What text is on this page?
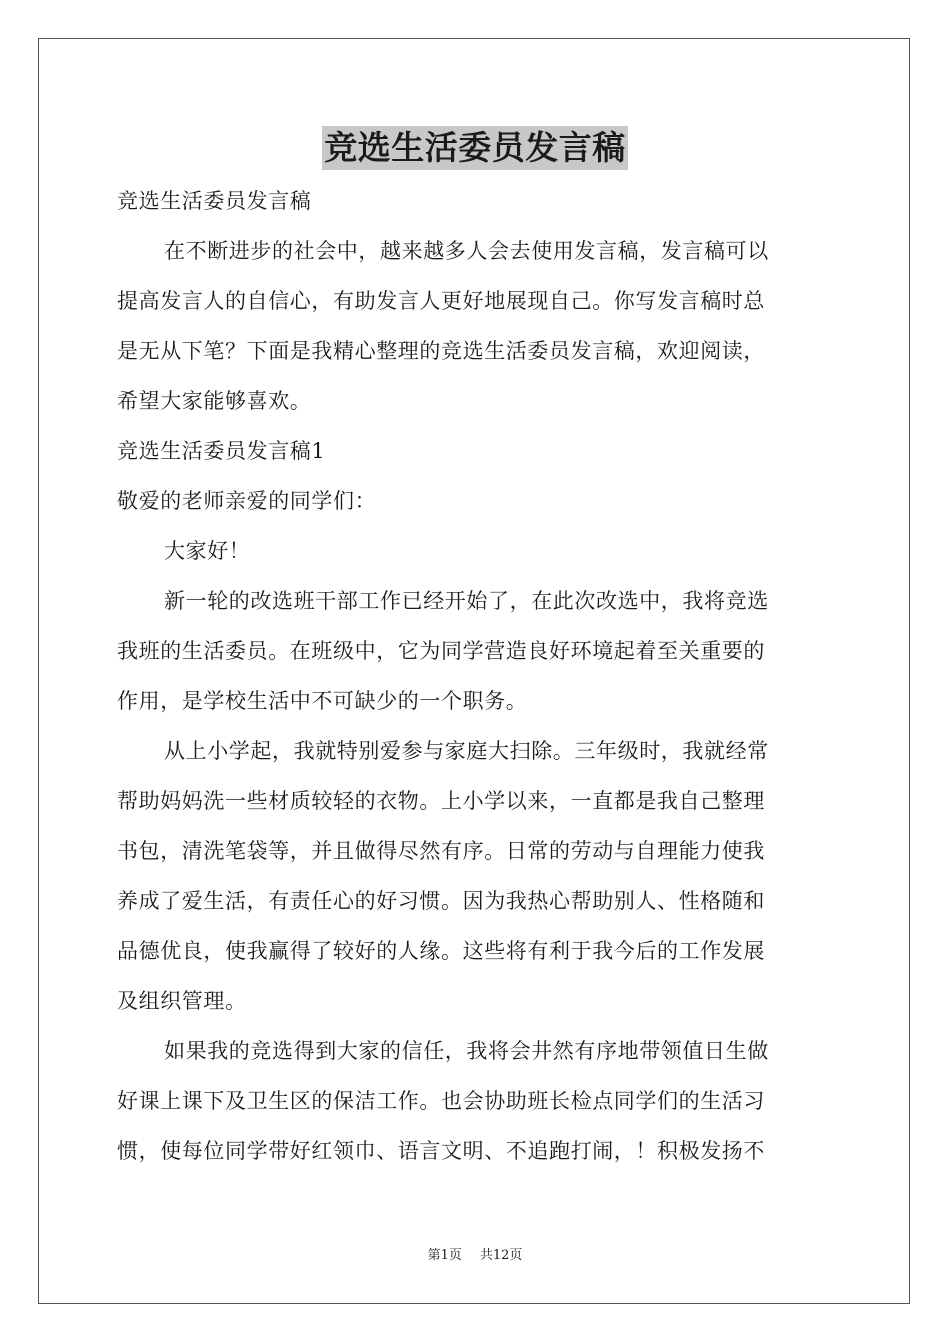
竞选生活委员发言稿
竞选生活委员发言稿
在不断进步的社会中，越来越多人会去使用发言稿，发言稿可以
提高发言人的自信心，有助发言人更好地展现自己。你写发言稿时总
是无从下笔？下面是我精心整理的竞选生活委员发言稿，欢迎阅读，
希望大家能够喜欢。
竞选生活委员发言稿1
敬爱的老师亲爱的同学们：
大家好！
新一轮的改选班干部工作已经开始了，在此次改选中，我将竞选
我班的生活委员。在班级中，它为同学营造良好环境起着至关重要的
作用，是学校生活中不可缺少的一个职务。
从上小学起，我就特别爱参与家庭大扫除。三年级时，我就经常
帮助妈妈洗一些材质较轻的衣物。上小学以来，一直都是我自己整理
书包，清洗笔袋等，并且做得尽然有序。日常的劳动与自理能力使我
养成了爱生活，有责任心的好习惯。因为我热心帮助别人、性格随和
品德优良，使我赢得了较好的人缘。这些将有利于我今后的工作发展
及组织管理。
如果我的竞选得到大家的信任，我将会井然有序地带领值日生做
好课上课下及卫生区的保洁工作。也会协助班长检点同学们的生活习
惯，使每位同学带好红领巾、语言文明、不追跑打闹，！积极发扬不
第1页 共12页
